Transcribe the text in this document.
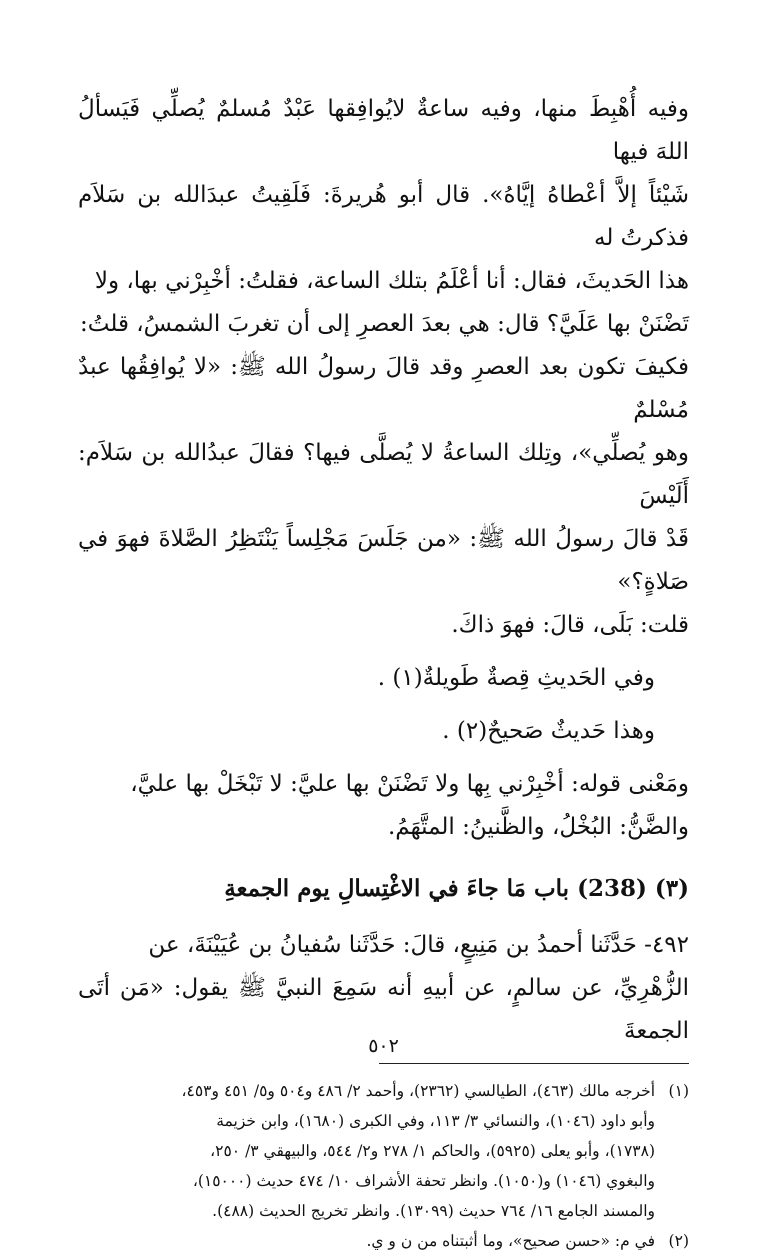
وفيه أُهْبِطَ منها، وفيه ساعةٌ لايُوافِقها عَبْدٌ مُسلمٌ يُصلِّي فَيَسألُ اللهَ فيها

شَيْئاً إلاَّ أعْطاهُ إيَّاهُ». قال أبو هُريرةَ: فَلَقِيتُ عبدَالله بن سَلاَم فذكرتُ له

هذا الحَديثَ، فقال: أنا أعْلَمُ بتلك الساعة، فقلتُ: أخْبِرْني بها، ولا

تَضْنَنْ بها عَلَيَّ؟ قال: هي بعدَ العصرِ إلى أن تغربَ الشمسُ، قلتُ:

فكيفَ تكون بعد العصرِ وقد قالَ رسولُ الله ﷺ: «لا يُوافِقُها عبدٌ مُسْلمٌ

وهو يُصلِّي»، وتِلك الساعةُ لا يُصلَّى فيها؟ فقالَ عبدُالله بن سَلاَم: أَلَيْسَ

قَدْ قالَ رسولُ الله ﷺ: «من جَلَسَ مَجْلِساً يَنْتَظِرُ الصَّلاةَ فهوَ في صَلاةٍ؟»

قلت: بَلَى، قالَ: فهوَ ذاكَ.

وفي الحَديثِ قِصةٌ طَويلةٌ(١) .

وهذا حَديثٌ صَحيحٌ(٢) .

ومَعْنى قوله: أخْبِرْني بِها ولا تَضْنَنْ بها عليَّ: لا تَبْخَلْ بها عليَّ،

والضَّنُّ: البُخْلُ، والظَّنينُ: المتَّهَمُ.

(٣) (238) باب مَا جاءَ في الاغْتِسالِ يوم الجمعةِ

٤٩٢- حَدَّثَنا أحمدُ بن مَنِيعٍ، قالَ: حَدَّثَنا سُفيانُ بن عُيَيْنَةَ، عن

الزُّهْرِيِّ، عن سالمٍ، عن أبيهِ أنه سَمِعَ النبيَّ ﷺ يقول: «مَن أتَى الجمعةَ

(١)
أخرجه مالك (٤٦٣)، الطيالسي (٢٣٦٢)، وأحمد ٢/ ٤٨٦ و٥٠٤ و٥/ ٤٥١ و٤٥٣،
وأبو داود (١٠٤٦)، والنسائي ٣/ ١١٣، وفي الكبرى (١٦٨٠)، وابن خزيمة
(١٧٣٨)، وأبو يعلى (٥٩٢٥)، والحاكم ١/ ٢٧٨ و٢/ ٥٤٤، والبيهقي ٣/ ٢٥٠،
والبغوي (١٠٤٦) و(١٠٥٠). وانظر تحفة الأشراف ١٠/ ٤٧٤ حديث (١٥٠٠٠)،
والمسند الجامع ١٦/ ٧٦٤ حديث (١٣٠٩٩). وانظر تخريج الحديث (٤٨٨).
(٢)
في م: «حسن صحيح»، وما أثبتناه من ن و ي.
٥٠٢
